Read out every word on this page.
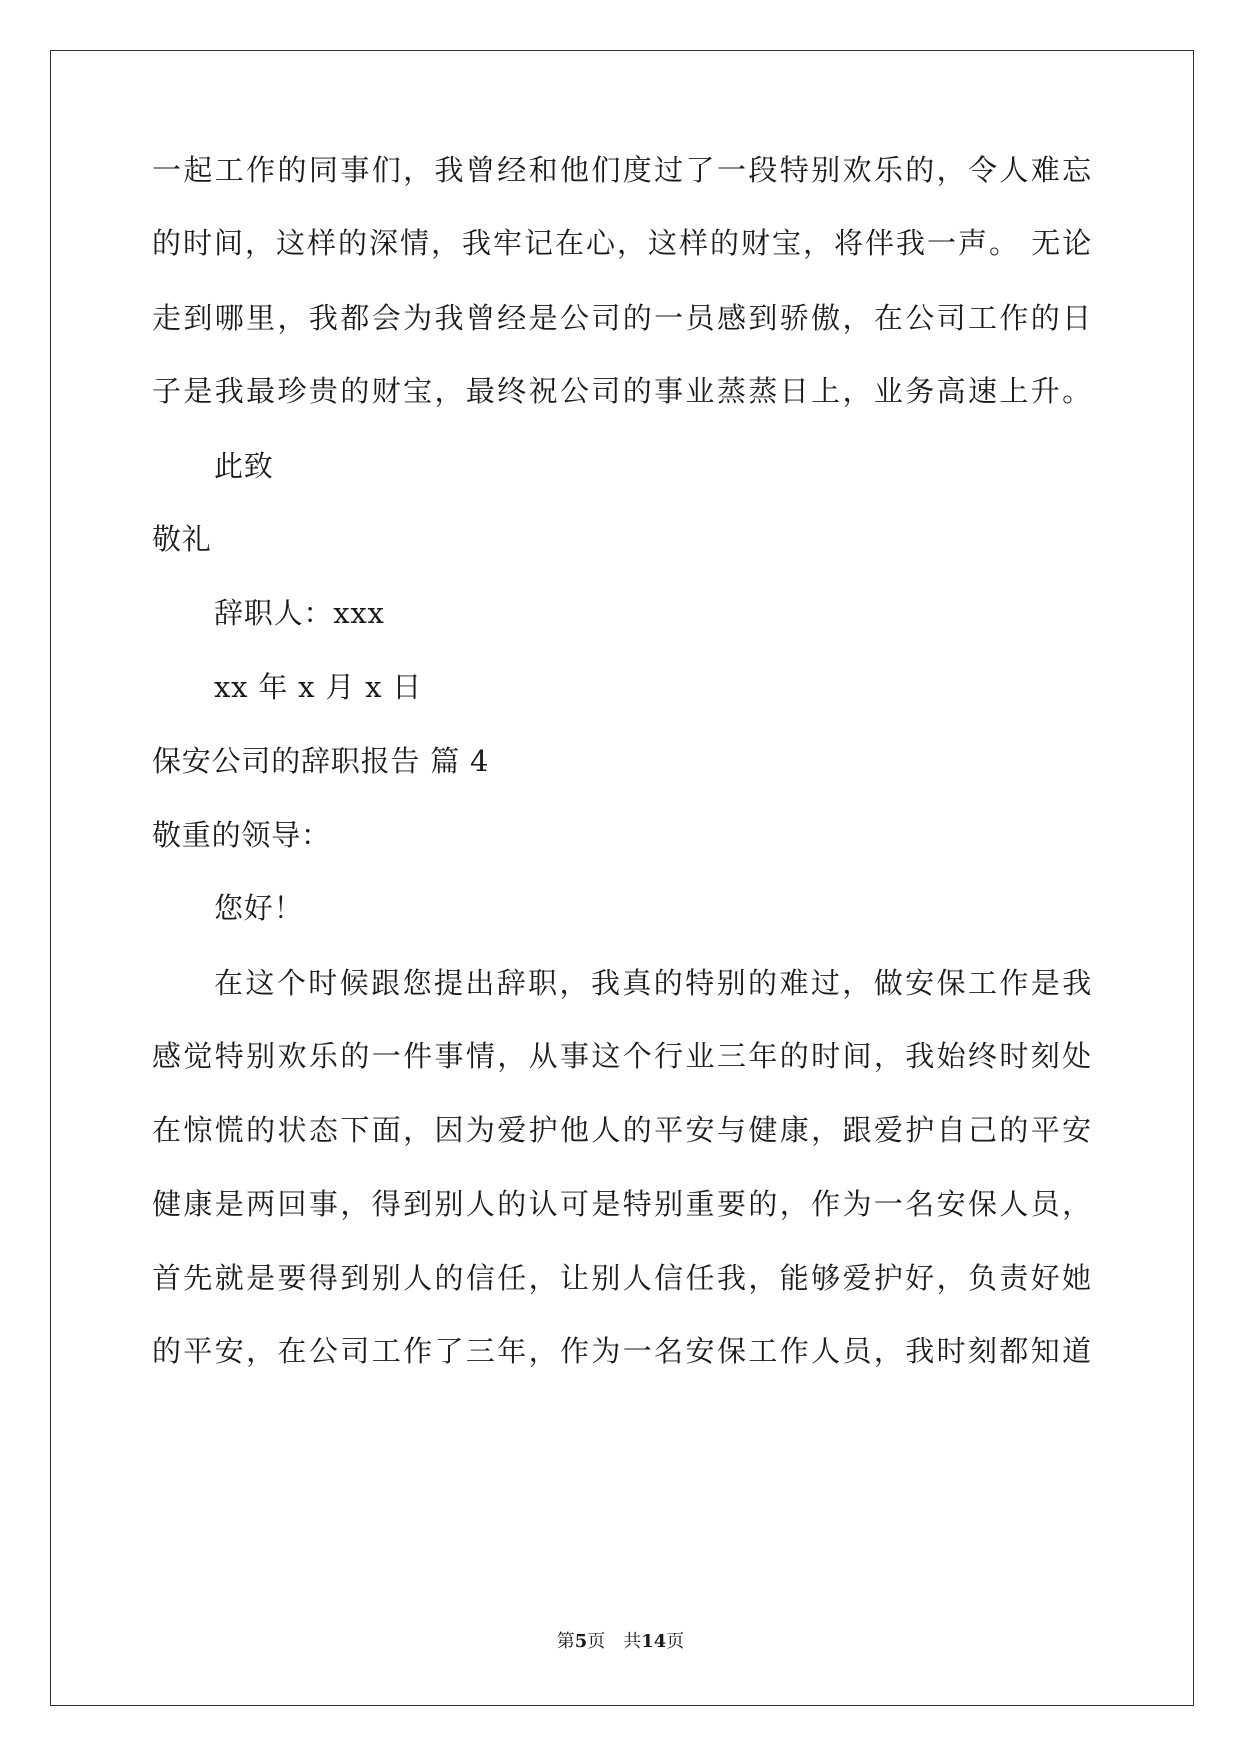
一起工作的同事们，我曾经和他们度过了一段特别欢乐的，令人难忘
的时间，这样的深情，我牢记在心，这样的财宝，将伴我一声。 无论
走到哪里，我都会为我曾经是公司的一员感到骄傲，在公司工作的日
子是我最珍贵的财宝，最终祝公司的事业蒸蒸日上，业务高速上升。
此致
敬礼
辞职人：xxx
xx 年 x 月 x 日
保安公司的辞职报告 篇 4
敬重的领导：
您好！
在这个时候跟您提出辞职，我真的特别的难过，做安保工作是我
感觉特别欢乐的一件事情，从事这个行业三年的时间，我始终时刻处
在惊慌的状态下面，因为爱护他人的平安与健康，跟爱护自己的平安
健康是两回事，得到别人的认可是特别重要的，作为一名安保人员，
首先就是要得到别人的信任，让别人信任我，能够爱护好，负责好她
的平安，在公司工作了三年，作为一名安保工作人员，我时刻都知道
第5页　共14页
